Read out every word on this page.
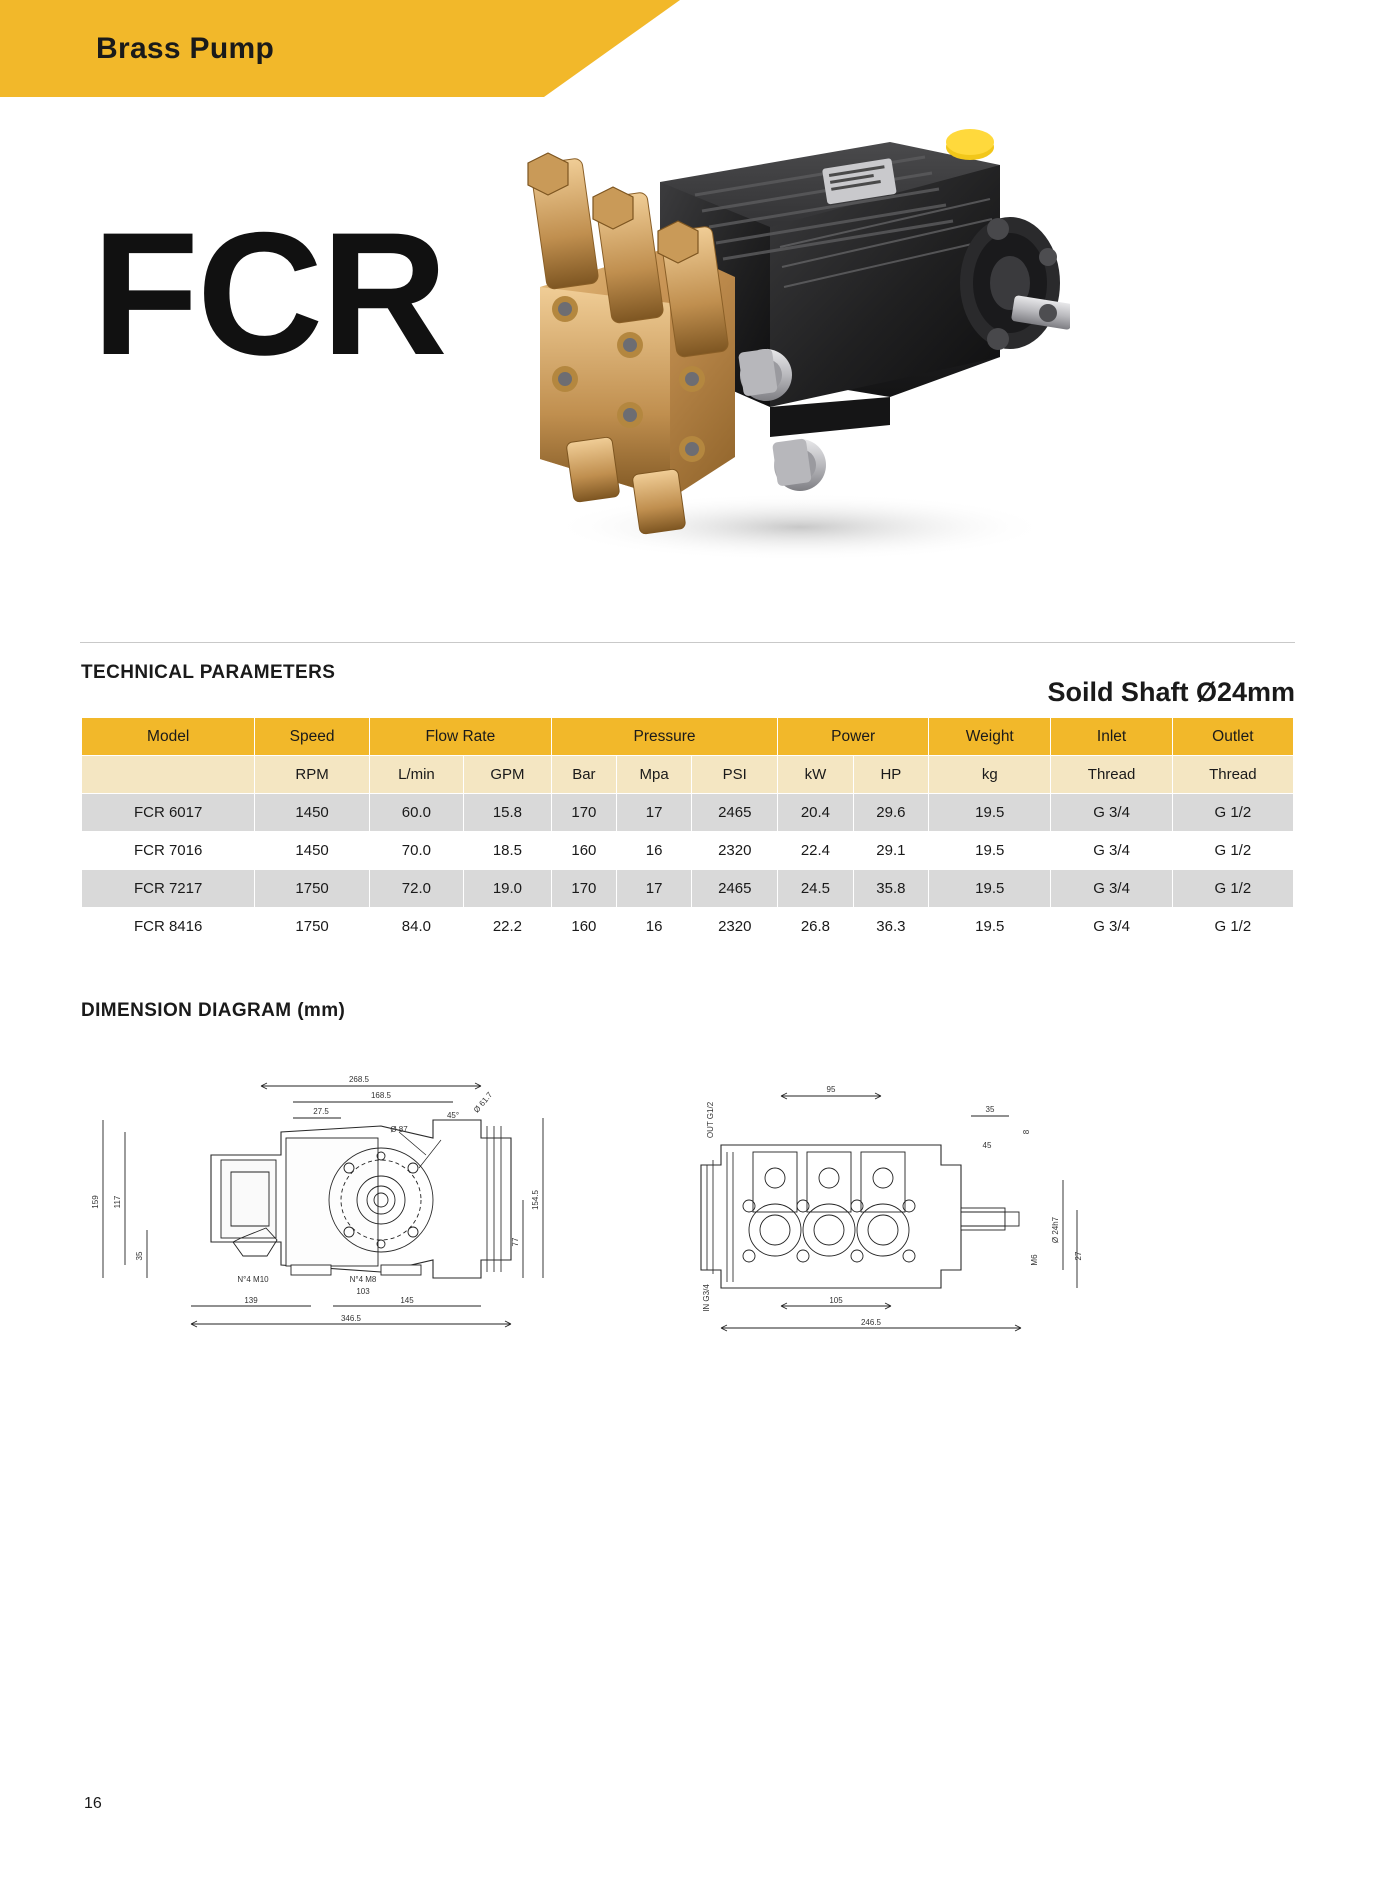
Brass Pump
FCR
Soild Shaft Ø24mm
TECHNICAL PARAMETERS
Model	Speed	Flow Rate		Pressure			Power		Weight	Inlet	Outlet
	RPM	L/min	GPM	Bar	Mpa	PSI	kW	HP	kg	Thread	Thread
FCR 6017	1450	60.0	15.8	170	17	2465	20.4	29.6	19.5	G 3/4	G 1/2
FCR 7016	1450	70.0	18.5	160	16	2320	22.4	29.1	19.5	G 3/4	G 1/2
FCR 7217	1750	72.0	19.0	170	17	2465	24.5	35.8	19.5	G 3/4	G 1/2
FCR 8416	1750	84.0	22.2	160	16	2320	26.8	36.3	19.5	G 3/4	G 1/2
DIMENSION DIAGRAM (mm)
268.5
168.5
27.5
Ø 87
45°
Ø 61.7
159 117
35
154.5
77
N°4 M10	N°4 M8
103
139	145
346.5
95
OUT G1/2
IN G3/4
35
8
45
Ø 24h7
27
M6
105
246.5
16
